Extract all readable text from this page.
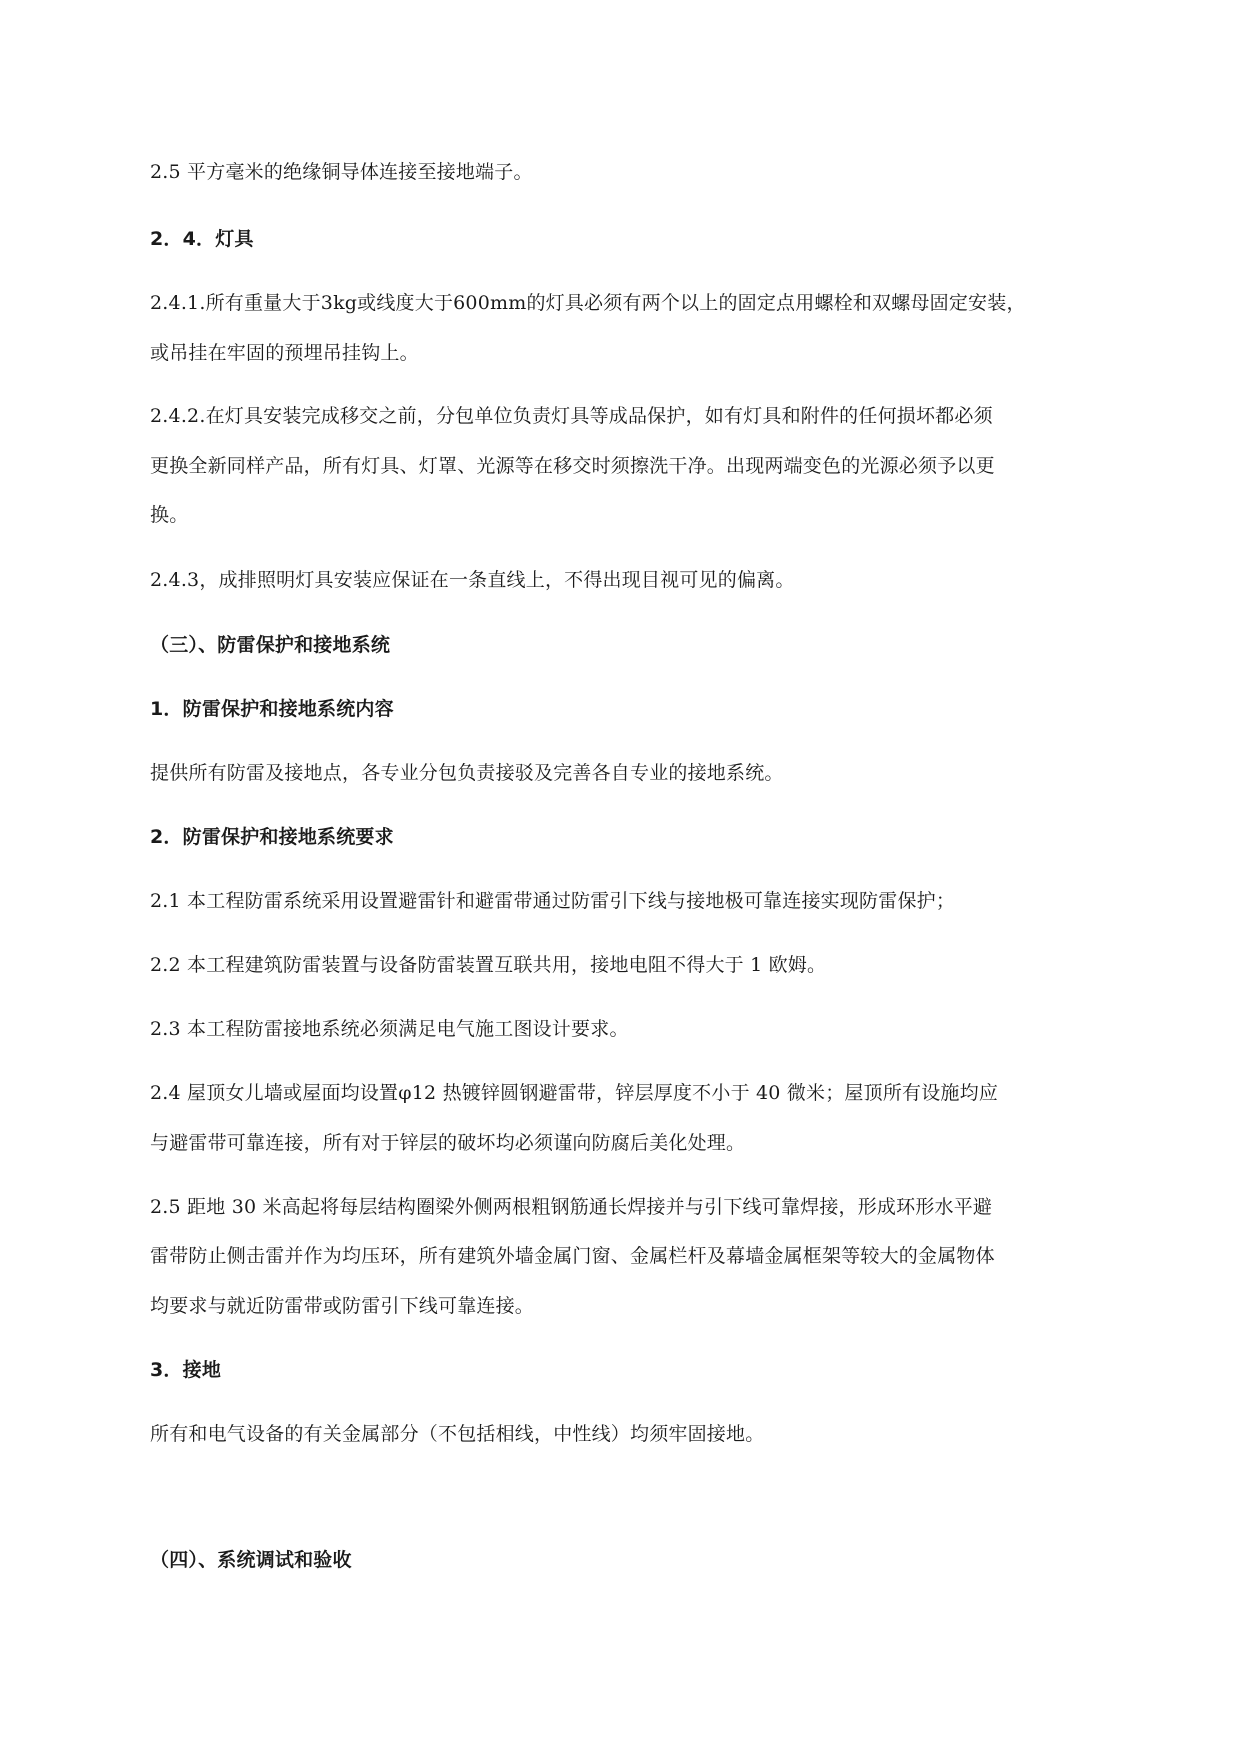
2.5 平方毫米的绝缘铜导体连接至接地端子。
2．4．灯具
2.4.1.所有重量大于3kg或线度大于600mm的灯具必须有两个以上的固定点用螺栓和双螺母固定安装，
或吊挂在牢固的预埋吊挂钩上。
2.4.2.在灯具安装完成移交之前，分包单位负责灯具等成品保护，如有灯具和附件的任何损坏都必须
更换全新同样产品，所有灯具、灯罩、光源等在移交时须擦洗干净。出现两端变色的光源必须予以更
换。
2.4.3，成排照明灯具安装应保证在一条直线上，不得出现目视可见的偏离。
（三）、防雷保护和接地系统
1．防雷保护和接地系统内容
提供所有防雷及接地点，各专业分包负责接驳及完善各自专业的接地系统。
2．防雷保护和接地系统要求
2.1 本工程防雷系统采用设置避雷针和避雷带通过防雷引下线与接地极可靠连接实现防雷保护；
2.2 本工程建筑防雷装置与设备防雷装置互联共用，接地电阻不得大于 1 欧姆。
2.3 本工程防雷接地系统必须满足电气施工图设计要求。
2.4 屋顶女儿墙或屋面均设置φ12 热镀锌圆钢避雷带，锌层厚度不小于 40 微米；屋顶所有设施均应
与避雷带可靠连接，所有对于锌层的破坏均必须谨向防腐后美化处理。
2.5 距地 30 米高起将每层结构圈梁外侧两根粗钢筋通长焊接并与引下线可靠焊接，形成环形水平避
雷带防止侧击雷并作为均压环，所有建筑外墙金属门窗、金属栏杆及幕墙金属框架等较大的金属物体
均要求与就近防雷带或防雷引下线可靠连接。
3．接地
所有和电气设备的有关金属部分（不包括相线，中性线）均须牢固接地。
（四）、系统调试和验收
